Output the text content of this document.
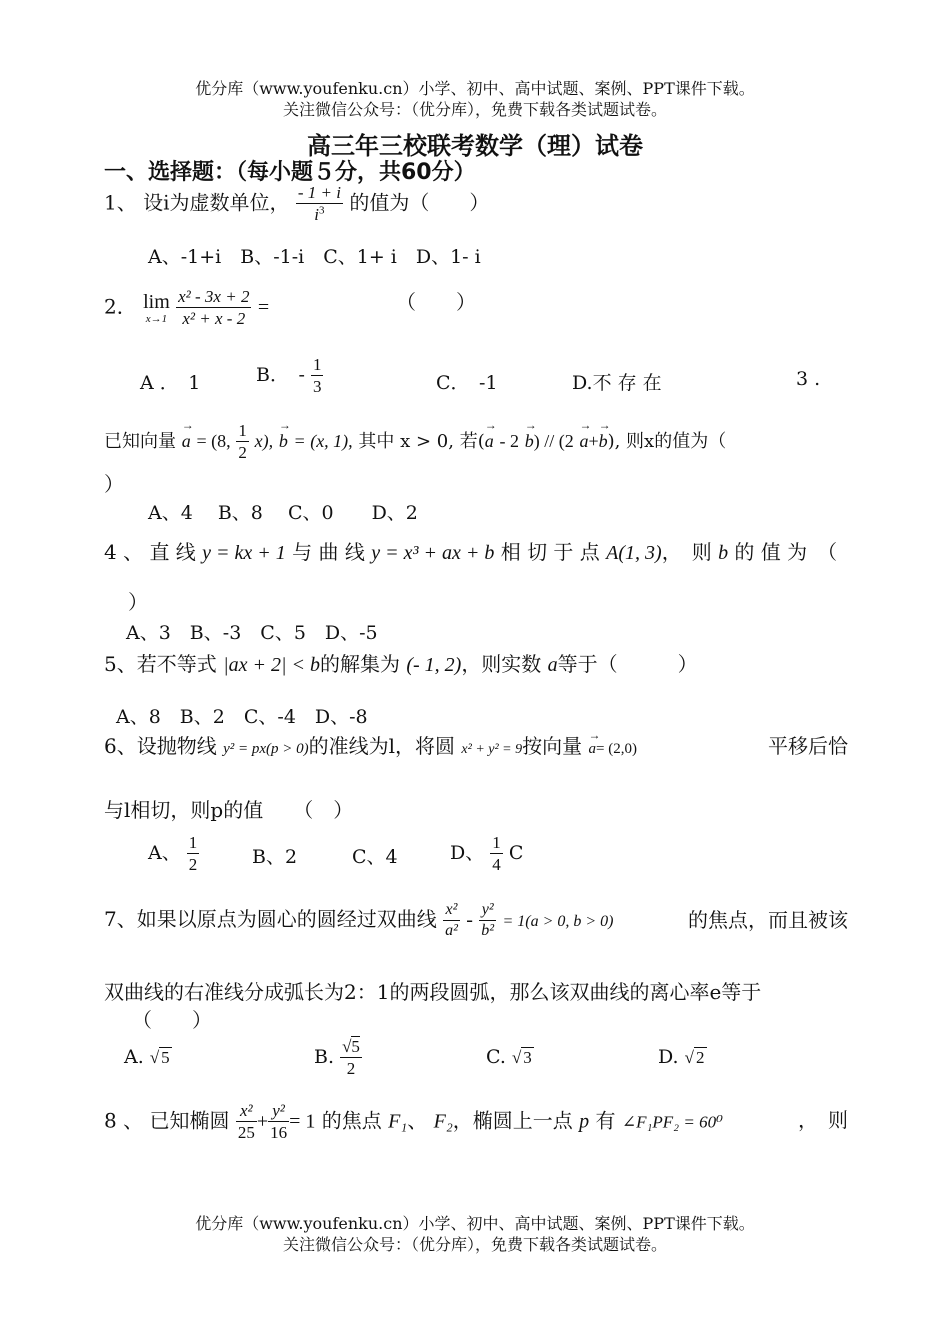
优分库（www.youfenku.cn）小学、初中、高中试题、案例、PPT课件下载。
关注微信公众号：（优分库），免费下载各类试题试卷。
高三年三校联考数学（理）试卷
一、选择题：（每小题５分，共60分）
1、 设i为虚数单位， $\frac{- 1 + i}{i^3}$ 的值为（　　）
A、-1+i　B、-1-i　C、1+ i　D、1- i
2． lim
x→1
$\frac{\text{x² - 3x + 2}}{\text{x² + x - 2}}$ =	（　　）
A ．　1	B．　- $\frac{1}{3}$	C．　-1	D.不 存 在	3 .
已知向量 → a = (8, $\frac{1}{2} x$), → b = (x, 1), 其中 x > 0, 若(→ a - 2 → b) // (2 → a+→ b), 则x的值为（
）
A、4　 B、8　 C、0　　D、2
4 、 直 线 y = kx + 1 与 曲 线 y = x³ + ax + b 相 切 于 点 A(1, 3)，　则 b 的 值 为　（
）
A、3　B、-3　C、5　D、-5
5、若不等式 |ax + 2| < b的解集为 (- 1, 2)，则实数 a等于（　　　）
A、8　B、2　C、-4　D、-8
6、设抛物线 y² = px(p > 0)的准线为l，将圆 x² + y² = 9按向量 → a= (2,0)	平移后恰
与l相切，则p的值　　（　）
A、 $\frac{1}{2}$	B、2	C、4	D、 $\frac{1}{4}$ C
7、如果以原点为圆心的圆经过双曲线 $\frac{\text{x²}}{\text{a²}} - \frac{\text{y²}}{\text{b²}} = 1(a > 0$, b > 0)	的焦点，而且被该
双曲线的右准线分成弧长为2：1的两段圆弧，那么该双曲线的离心率e等于
（　　）
A. √ 5	B. $\frac{√5}{2}$	C. √ 3	D. √ 2
8 、 已知椭圆 $\frac{\text{x²}}{25} + \frac{\text{y²}}{16} = 1$ 的焦点 F₁、 F₂，椭圆上一点 p 有 ∠F₁PF₂ = 60⁰	，　则
优分库（www.youfenku.cn）小学、初中、高中试题、案例、PPT课件下载。
关注微信公众号：（优分库），免费下载各类试题试卷。
